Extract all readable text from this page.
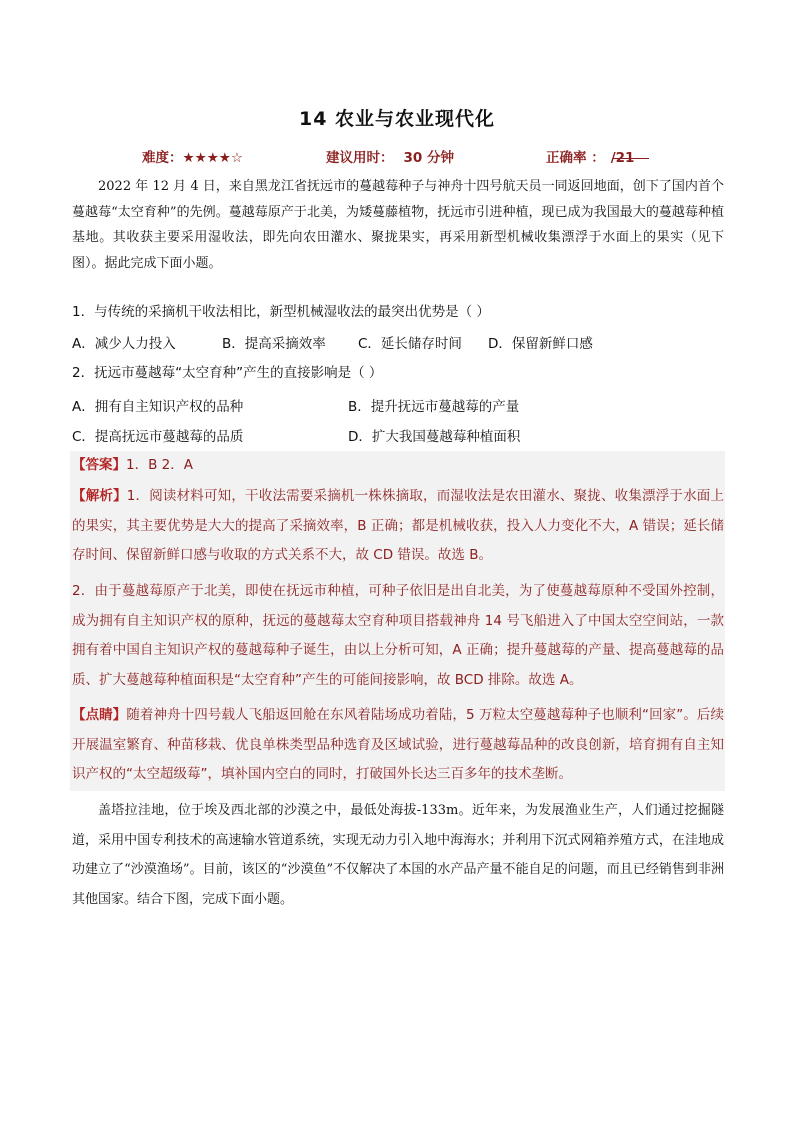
14 农业与农业现代化
难度：★★★★☆	建议用时： 30 分钟	正确率 ： /21
2022 年 12 月 4 日，来自黑龙江省抚远市的蔓越莓种子与神舟十四号航天员一同返回地面，创下了国内首个蔓越莓“太空育种”的先例。蔓越莓原产于北美，为矮蔓藤植物，抚远市引进种植，现已成为我国最大的蔓越莓种植基地。其收获主要采用湿收法，即先向农田灌水、聚拢果实，再采用新型机械收集漂浮于水面上的果实（见下图）。据此完成下面小题。
1．与传统的采摘机干收法相比，新型机械湿收法的最突出优势是（ ）
A．减少人力投入	B．提高采摘效率 C．延长储存时间 D．保留新鲜口感
2．抚远市蔓越莓“太空育种”产生的直接影响是（ ）
A．拥有自主知识产权的品种	B．提升抚远市蔓越莓的产量
C．提高抚远市蔓越莓的品质	D．扩大我国蔓越莓种植面积
【答案】1．B 2．A
【解析】1．阅读材料可知，干收法需要采摘机一株株摘取，而湿收法是农田灌水、聚拢、收集漂浮于水面上的果实，其主要优势是大大的提高了采摘效率，B 正确；都是机械收获，投入人力变化不大，A 错误；延长储存时间、保留新鲜口感与收取的方式关系不大，故 CD 错误。故选 B。
2．由于蔓越莓原产于北美，即使在抚远市种植，可种子依旧是出自北美，为了使蔓越莓原种不受国外控制，成为拥有自主知识产权的原种，抚远的蔓越莓太空育种项目搭载神舟 14 号飞船进入了中国太空空间站，一款拥有着中国自主知识产权的蔓越莓种子诞生，由以上分析可知，A 正确；提升蔓越莓的产量、提高蔓越莓的品质、扩大蔓越莓种植面积是“太空育种”产生的可能间接影响，故 BCD 排除。故选 A。
【点睛】随着神舟十四号载人飞船返回舱在东风着陆场成功着陆，5 万粒太空蔓越莓种子也顺利“回家”。后续开展温室繁育、种苗移栽、优良单株类型品种选育及区域试验，进行蔓越莓品种的改良创新，培育拥有自主知识产权的“太空超级莓”，填补国内空白的同时，打破国外长达三百多年的技术垄断。
盖塔拉洼地，位于埃及西北部的沙漠之中，最低处海拔-133m。近年来，为发展渔业生产，人们通过挖掘隧道，采用中国专利技术的高速输水管道系统，实现无动力引入地中海海水；并利用下沉式网箱养殖方式，在洼地成功建立了“沙漠渔场”。目前，该区的“沙漠鱼”不仅解决了本国的水产品产量不能自足的问题，而且已经销售到非洲其他国家。结合下图，完成下面小题。
